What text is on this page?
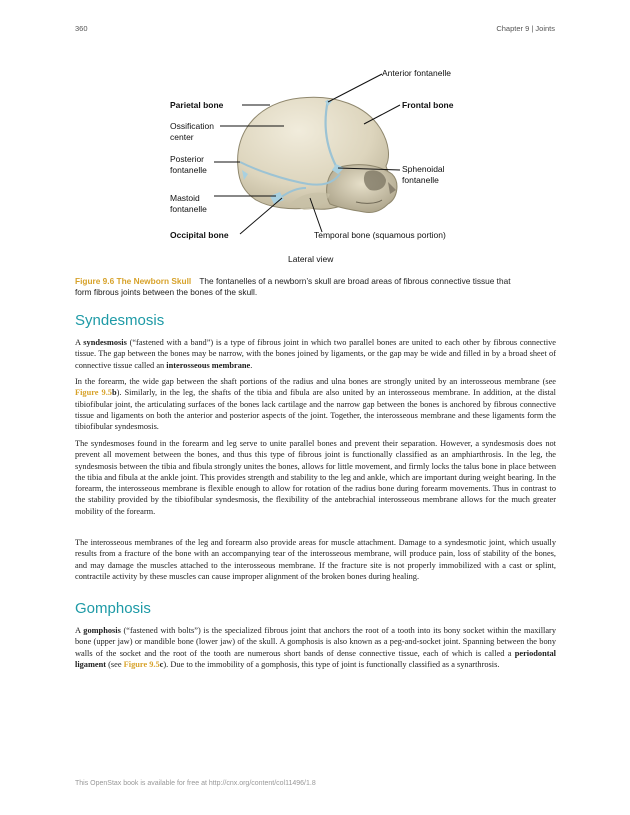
360	Chapter 9 | Joints
Anterior fontanelle
Parietal bone	Frontal bone
Ossification
center
Posterior
fontanelle	Sphenoidal
fontanelle
Mastoid
fontanelle
Occipital bone	Temporal bone (squamous portion)
Lateral view
Figure 9.6 The Newborn Skull The fontanelles of a newborn’s skull are broad areas of fibrous connective tissue that
form fibrous joints between the bones of the skull.
Syndesmosis

A syndesmosis (“fastened with a band”) is a type of fibrous joint in which two parallel bones are united to each other by fibrous connective tissue. The gap between the bones may be narrow, with the bones joined by ligaments, or the gap may be wide and filled in by a broad sheet of connective tissue called an interosseous membrane.

In the forearm, the wide gap between the shaft portions of the radius and ulna bones are strongly united by an interosseous membrane (see Figure 9.5b). Similarly, in the leg, the shafts of the tibia and fibula are also united by an interosseous membrane. In addition, at the distal tibiofibular joint, the articulating surfaces of the bones lack cartilage and the narrow gap between the bones is anchored by fibrous connective tissue and ligaments on both the anterior and posterior aspects of the joint. Together, the interosseous membrane and these ligaments form the tibiofibular syndesmosis.

The syndesmoses found in the forearm and leg serve to unite parallel bones and prevent their separation. However, a syndesmosis does not prevent all movement between the bones, and thus this type of fibrous joint is functionally classified as an amphiarthrosis. In the leg, the syndesmosis between the tibia and fibula strongly unites the bones, allows for little movement, and firmly locks the talus bone in place between the tibia and fibula at the ankle joint. This provides strength and stability to the leg and ankle, which are important during weight bearing. In the forearm, the interosseous membrane is flexible enough to allow for rotation of the radius bone during forearm movements. Thus in contrast to the stability provided by the tibiofibular syndesmosis, the flexibility of the antebrachial interosseous membrane allows for the much greater mobility of the forearm.

The interosseous membranes of the leg and forearm also provide areas for muscle attachment. Damage to a syndesmotic joint, which usually results from a fracture of the bone with an accompanying tear of the interosseous membrane, will produce pain, loss of stability of the bones, and may damage the muscles attached to the interosseous membrane. If the fracture site is not properly immobilized with a cast or splint, contractile activity by these muscles can cause improper alignment of the broken bones during healing.

Gomphosis

A gomphosis (“fastened with bolts”) is the specialized fibrous joint that anchors the root of a tooth into its bony socket within the maxillary bone (upper jaw) or mandible bone (lower jaw) of the skull. A gomphosis is also known as a peg-and-socket joint. Spanning between the bony walls of the socket and the root of the tooth are numerous short bands of dense connective tissue, each of which is called a periodontal ligament (see Figure 9.5c). Due to the immobility of a gomphosis, this type of joint is functionally classified as a synarthrosis.

This OpenStax book is available for free at http://cnx.org/content/col11496/1.8
